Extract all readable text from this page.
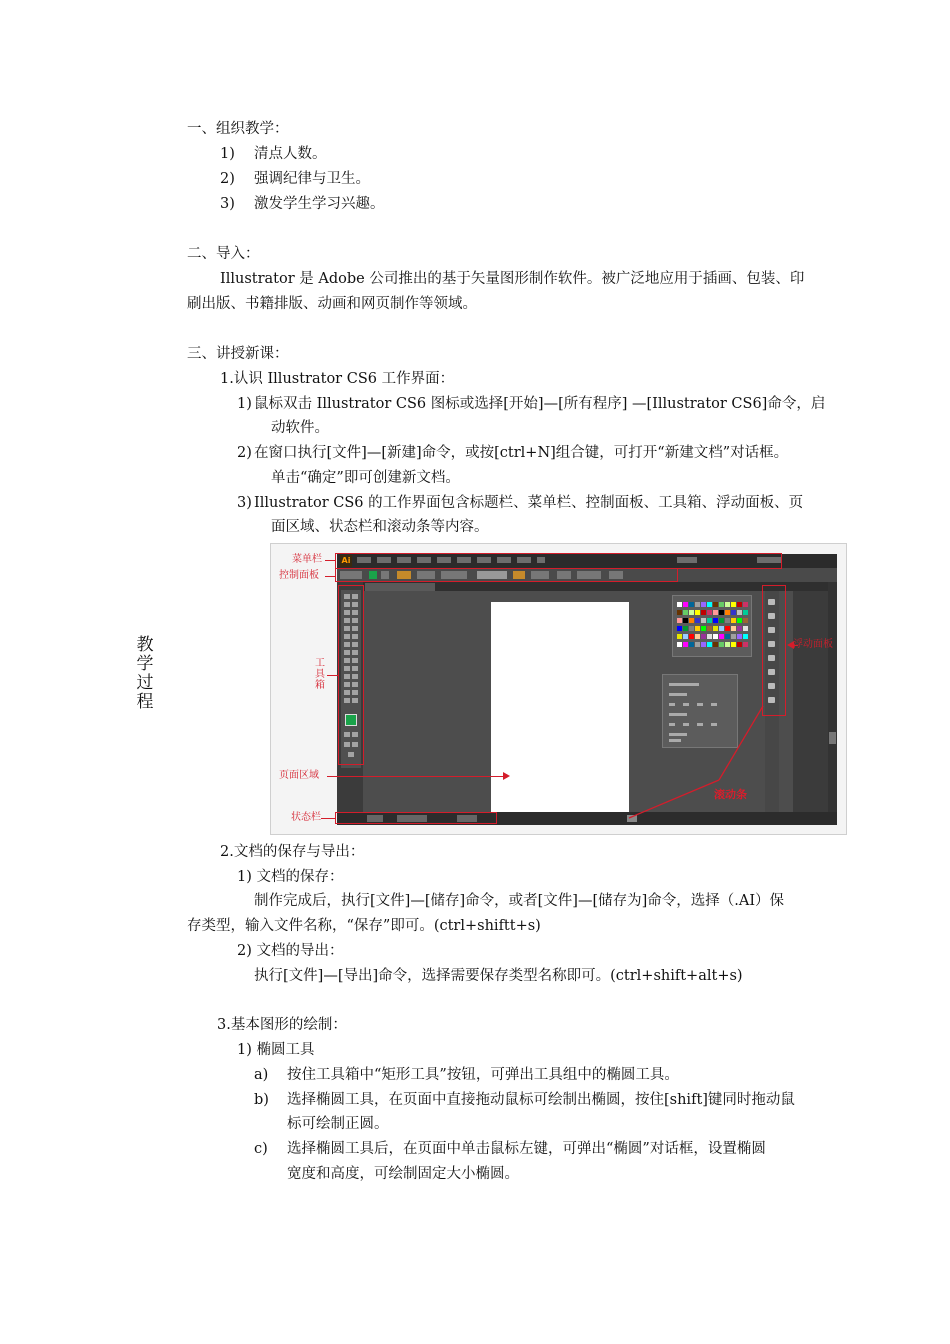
教学过程
一、组织教学：
1) 清点人数。
2) 强调纪律与卫生。
3) 激发学生学习兴趣。
二、导入：
Illustrator 是 Adobe 公司推出的基于矢量图形制作软件。被广泛地应用于插画、包装、印
刷出版、书籍排版、动画和网页制作等领域。
三、讲授新课：
1.认识 Illustrator CS6 工作界面：
1) 鼠标双击 Illustrator CS6 图标或选择[开始]—[所有程序] —[Illustrator CS6]命令，启
动软件。
2) 在窗口执行[文件]—[新建]命令，或按[ctrl+N]组合键，可打开“新建文档”对话框。
单击“确定”即可创建新文档。
3) Illustrator CS6 的工作界面包含标题栏、菜单栏、控制面板、工具箱、浮动面板、页
面区域、状态栏和滚动条等内容。
Ai
菜单栏
控制面板
工具箱
页面区域
状态栏
浮动面板
滚动条
2.文档的保存与导出：
1) 文档的保存：
制作完成后，执行[文件]—[储存]命令，或者[文件]—[储存为]命令，选择（.AI）保
存类型，输入文件名称，“保存”即可。(ctrl+shiftt+s)
2) 文档的导出：
执行[文件]—[导出]命令，选择需要保存类型名称即可。(ctrl+shift+alt+s)
3.基本图形的绘制：
1) 椭圆工具
a) 按住工具箱中“矩形工具”按钮，可弹出工具组中的椭圆工具。
b) 选择椭圆工具，在页面中直接拖动鼠标可绘制出椭圆，按住[shift]键同时拖动鼠
标可绘制正圆。
c) 选择椭圆工具后，在页面中单击鼠标左键，可弹出“椭圆”对话框，设置椭圆
宽度和高度，可绘制固定大小椭圆。
